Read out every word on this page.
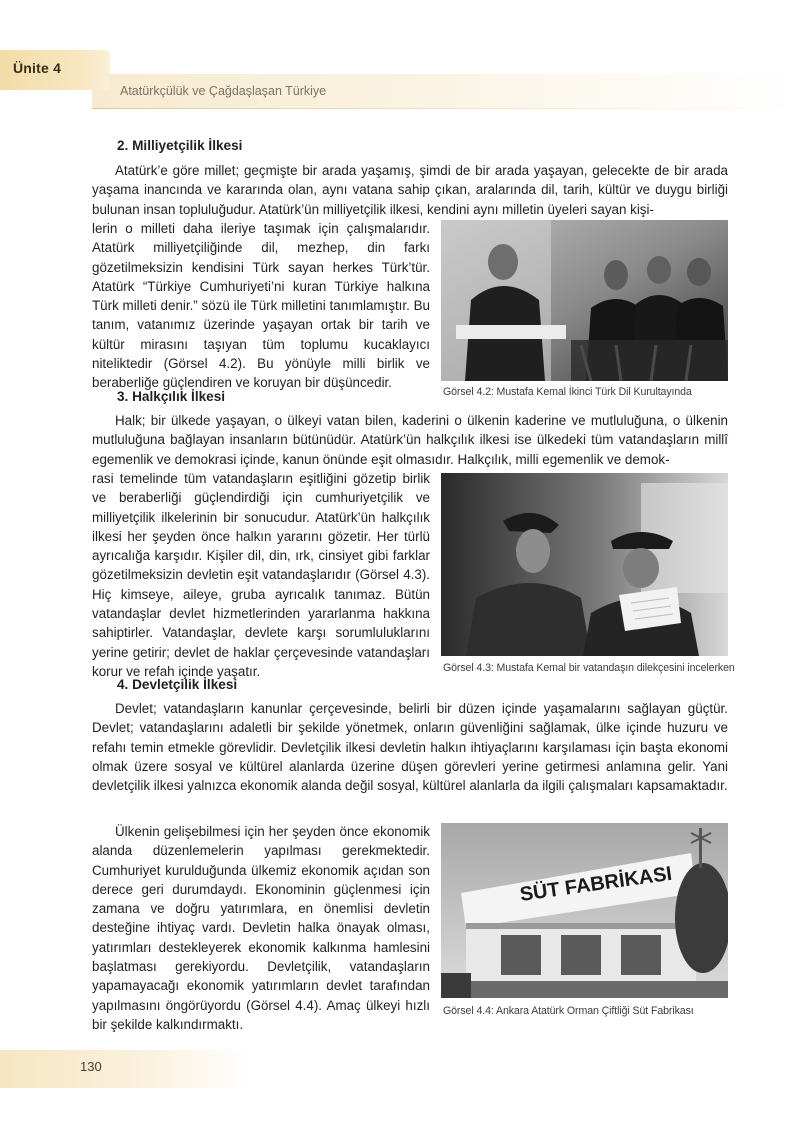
Ünite 4
Atatürkçülük ve Çağdaşlaşan Türkiye
2. Milliyetçilik İlkesi

Atatürk’e göre millet; geçmişte bir arada yaşamış, şimdi de bir arada yaşayan, gelecekte de bir arada yaşama inancında ve kararında olan, aynı vatana sahip çıkan, aralarında dil, tarih, kültür ve duygu birliği bulunan insan topluluğudur. Atatürk’ün milliyetçilik ilkesi, kendini aynı milletin üyeleri sayan kişi-

lerin o milleti daha ileriye taşımak için çalışmalarıdır. Atatürk milliyetçiliğinde dil, mezhep, din farkı gözetilmeksizin kendisini Türk sayan herkes Türk’tür. Atatürk “Türkiye Cumhuriyeti’ni kuran Türkiye halkına Türk milleti denir.” sözü ile Türk milletini tanımlamıştır. Bu tanım, vatanımız üzerinde yaşayan ortak bir tarih ve kültür mirasını taşıyan tüm toplumu kucaklayıcı niteliktedir (Görsel 4.2). Bu yönüyle milli birlik ve beraberliğe güçlendiren ve koruyan bir düşüncedir.

Görsel 4.2: Mustafa Kemal İkinci Türk Dil Kurultayında
3. Halkçılık İlkesi

Halk; bir ülkede yaşayan, o ülkeyi vatan bilen, kaderini o ülkenin kaderine ve mutluluğuna, o ülkenin mutluluğuna bağlayan insanların bütünüdür. Atatürk’ün halkçılık ilkesi ise ülkedeki tüm vatandaşların millî egemenlik ve demokrasi içinde, kanun önünde eşit olmasıdır. Halkçılık, milli egemenlik ve demok-

rasi temelinde tüm vatandaşların eşitliğini gözetip birlik ve beraberliği güçlendirdiği için cumhuriyetçilik ve milliyetçilik ilkelerinin bir sonucudur. Atatürk’ün halkçılık ilkesi her şeyden önce halkın yararını gözetir. Her türlü ayrıcalığa karşıdır. Kişiler dil, din, ırk, cinsiyet gibi farklar gözetilmeksizin devletin eşit vatandaşlarıdır (Görsel 4.3). Hiç kimseye, aileye, gruba ayrıcalık tanımaz. Bütün vatandaşlar devlet hizmetlerinden yararlanma hakkına sahiptirler. Vatandaşlar, devlete karşı sorumluluklarını yerine getirir; devlet de haklar çerçevesinde vatandaşları korur ve refah içinde yaşatır.	Görsel 4.3: Mustafa Kemal bir vatandaşın dilekçesini incelerken
4. Devletçilik İlkesi

Devlet; vatandaşların kanunlar çerçevesinde, belirli bir düzen içinde yaşamalarını sağlayan güçtür. Devlet; vatandaşlarını adaletli bir şekilde yönetmek, onların güvenliğini sağlamak, ülke içinde huzuru ve refahı temin etmekle görevlidir. Devletçilik ilkesi devletin halkın ihtiyaçlarını karşılaması için başta ekonomi olmak üzere sosyal ve kültürel alanlarda üzerine düşen görevleri yerine getirmesi anlamına gelir. Yani devletçilik ilkesi yalnızca ekonomik alanda değil sosyal, kültürel alanlarla da ilgili çalışmaları kapsamaktadır.

Ülkenin gelişebilmesi için her şeyden önce ekonomik alanda düzenlemelerin yapılması gerekmektedir. Cumhuriyet kurulduğunda ülkemiz ekonomik açıdan son derece geri durumdaydı. Ekonominin güçlenmesi için zamana ve doğru yatırımlara, en önemlisi devletin desteğine ihtiyaç vardı. Devletin halka önayak olması, yatırımları destekleyerek ekonomik kalkınma hamlesini başlatması gerekiyordu. Devletçilik, vatandaşların yapamayacağı ekonomik yatırımların devlet tarafından yapılmasını öngörüyordu (Görsel 4.4). Amaç ülkeyi hızlı bir şekilde kalkındırmaktı.

SÜT FABRİKASI
Görsel 4.4: Ankara Atatürk Orman Çiftliği Süt Fabrikası
130
